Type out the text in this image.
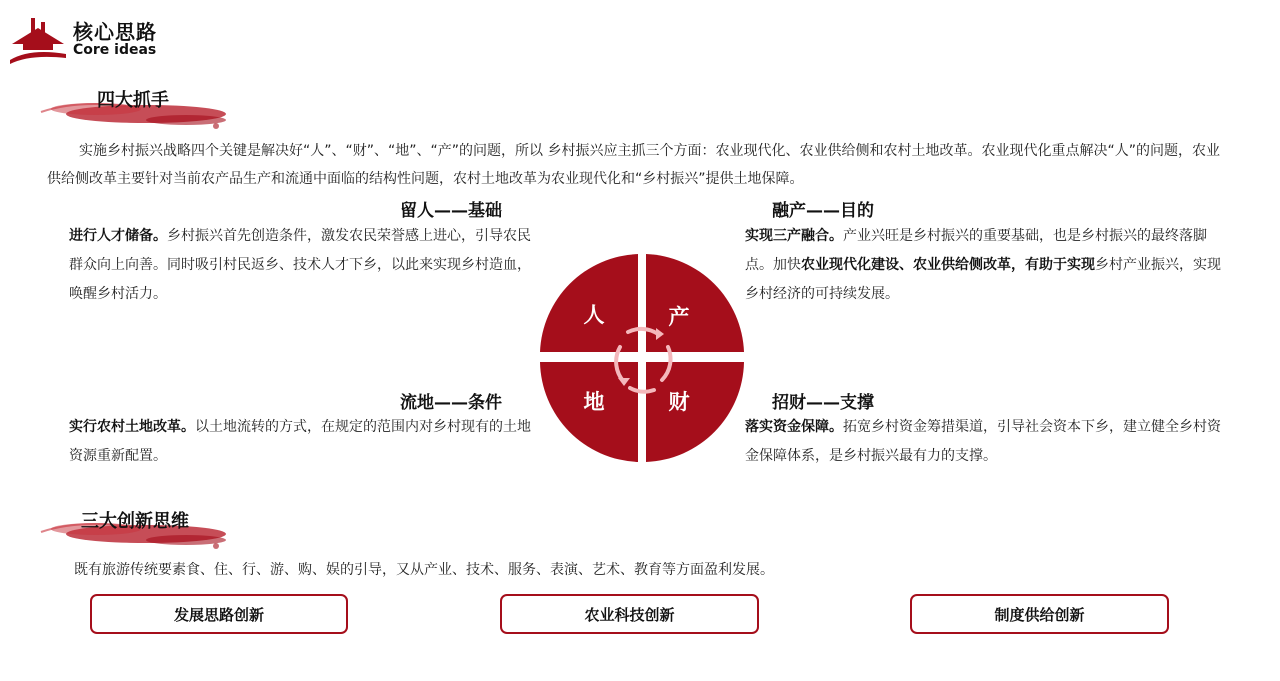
核心思路
Core ideas
四大抓手
实施乡村振兴战略四个关键是解决好“人”、“财”、“地”、“产”的问题，所以 乡村振兴应主抓三个方面：农业现代化、农业供给侧和农村土地改革。农业现代化重点解决“人”的问题，农业供给侧改革主要针对当前农产品生产和流通中面临的结构性问题，农村土地改革为农业现代化和“乡村振兴”提供土地保障。
留人——基础	融产——目的
流地——条件	招财——支撑
进行人才储备。乡村振兴首先创造条件，激发农民荣誉感上进心，引导农民群众向上向善。同时吸引村民返乡、技术人才下乡，以此来实现乡村造血，唤醒乡村活力。
实现三产融合。产业兴旺是乡村振兴的重要基础，也是乡村振兴的最终落脚点。加快农业现代化建设、农业供给侧改革，有助于实现乡村产业振兴，实现乡村经济的可持续发展。
实行农村土地改革。以土地流转的方式，在规定的范围内对乡村现有的土地资源重新配置。
落实资金保障。拓宽乡村资金筹措渠道，引导社会资本下乡，建立健全乡村资金保障体系，是乡村振兴最有力的支撑。
人	产
地	财
三大创新思维
既有旅游传统要素食、住、行、游、购、娱的引导，又从产业、技术、服务、表演、艺术、教育等方面盈利发展。
发展思路创新	农业科技创新	制度供给创新
